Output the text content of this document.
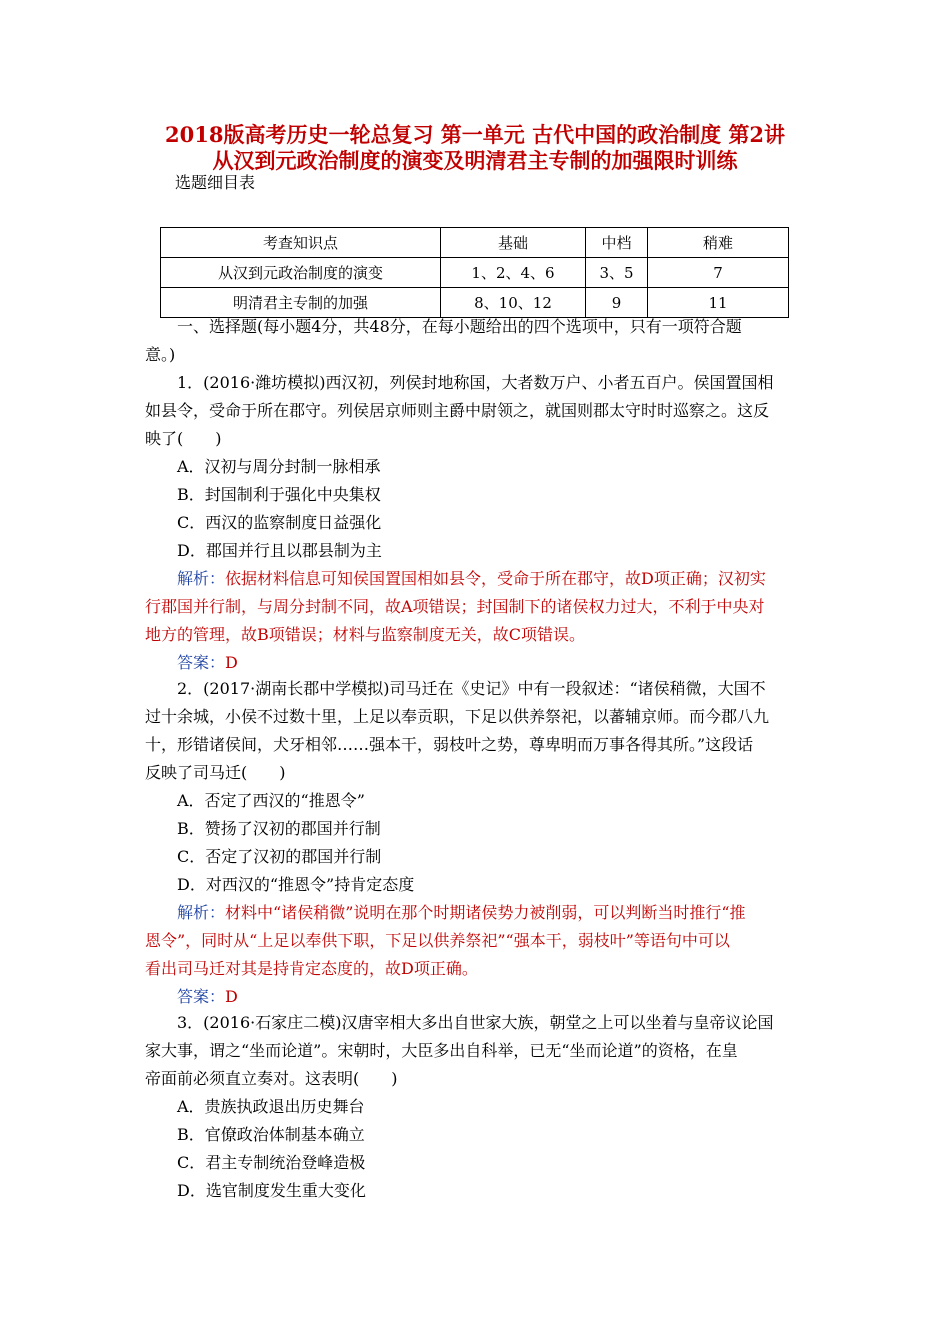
2018版高考历史一轮总复习 第一单元 古代中国的政治制度 第2讲
从汉到元政治制度的演变及明清君主专制的加强限时训练
选题细目表
考查知识点	基础	中档	稍难
从汉到元政治制度的演变	1、2、4、6	3、5	7
明清君主专制的加强	8、10、12	9	11
一、选择题(每小题4分，共48分，在每小题给出的四个选项中，只有一项符合题
意。)
1．(2016·潍坊模拟)西汉初，列侯封地称国，大者数万户、小者五百户。侯国置国相
如县令，受命于所在郡守。列侯居京师则主爵中尉领之，就国则郡太守时时巡察之。这反
映了(　　)
A．汉初与周分封制一脉相承
B．封国制利于强化中央集权
C．西汉的监察制度日益强化
D．郡国并行且以郡县制为主
解析：依据材料信息可知侯国置国相如县令，受命于所在郡守，故D项正确；汉初实
行郡国并行制，与周分封制不同，故A项错误；封国制下的诸侯权力过大，不利于中央对
地方的管理，故B项错误；材料与监察制度无关，故C项错误。
答案：D
2．(2017·湖南长郡中学模拟)司马迁在《史记》中有一段叙述：“诸侯稍微，大国不
过十余城，小侯不过数十里，上足以奉贡职，下足以供养祭祀，以蕃辅京师。而今郡八九
十，形错诸侯间，犬牙相邻……强本干，弱枝叶之势，尊卑明而万事各得其所。”这段话
反映了司马迁(　　)
A．否定了西汉的“推恩令”
B．赞扬了汉初的郡国并行制
C．否定了汉初的郡国并行制
D．对西汉的“推恩令”持肯定态度
解析：材料中“诸侯稍微”说明在那个时期诸侯势力被削弱，可以判断当时推行“推
恩令”，同时从“上足以奉供下职，下足以供养祭祀”“强本干，弱枝叶”等语句中可以
看出司马迁对其是持肯定态度的，故D项正确。
答案：D
3．(2016·石家庄二模)汉唐宰相大多出自世家大族，朝堂之上可以坐着与皇帝议论国
家大事，谓之“坐而论道”。宋朝时，大臣多出自科举，已无“坐而论道”的资格，在皇
帝面前必须直立奏对。这表明(　　)
A．贵族执政退出历史舞台
B．官僚政治体制基本确立
C．君主专制统治登峰造极
D．选官制度发生重大变化
